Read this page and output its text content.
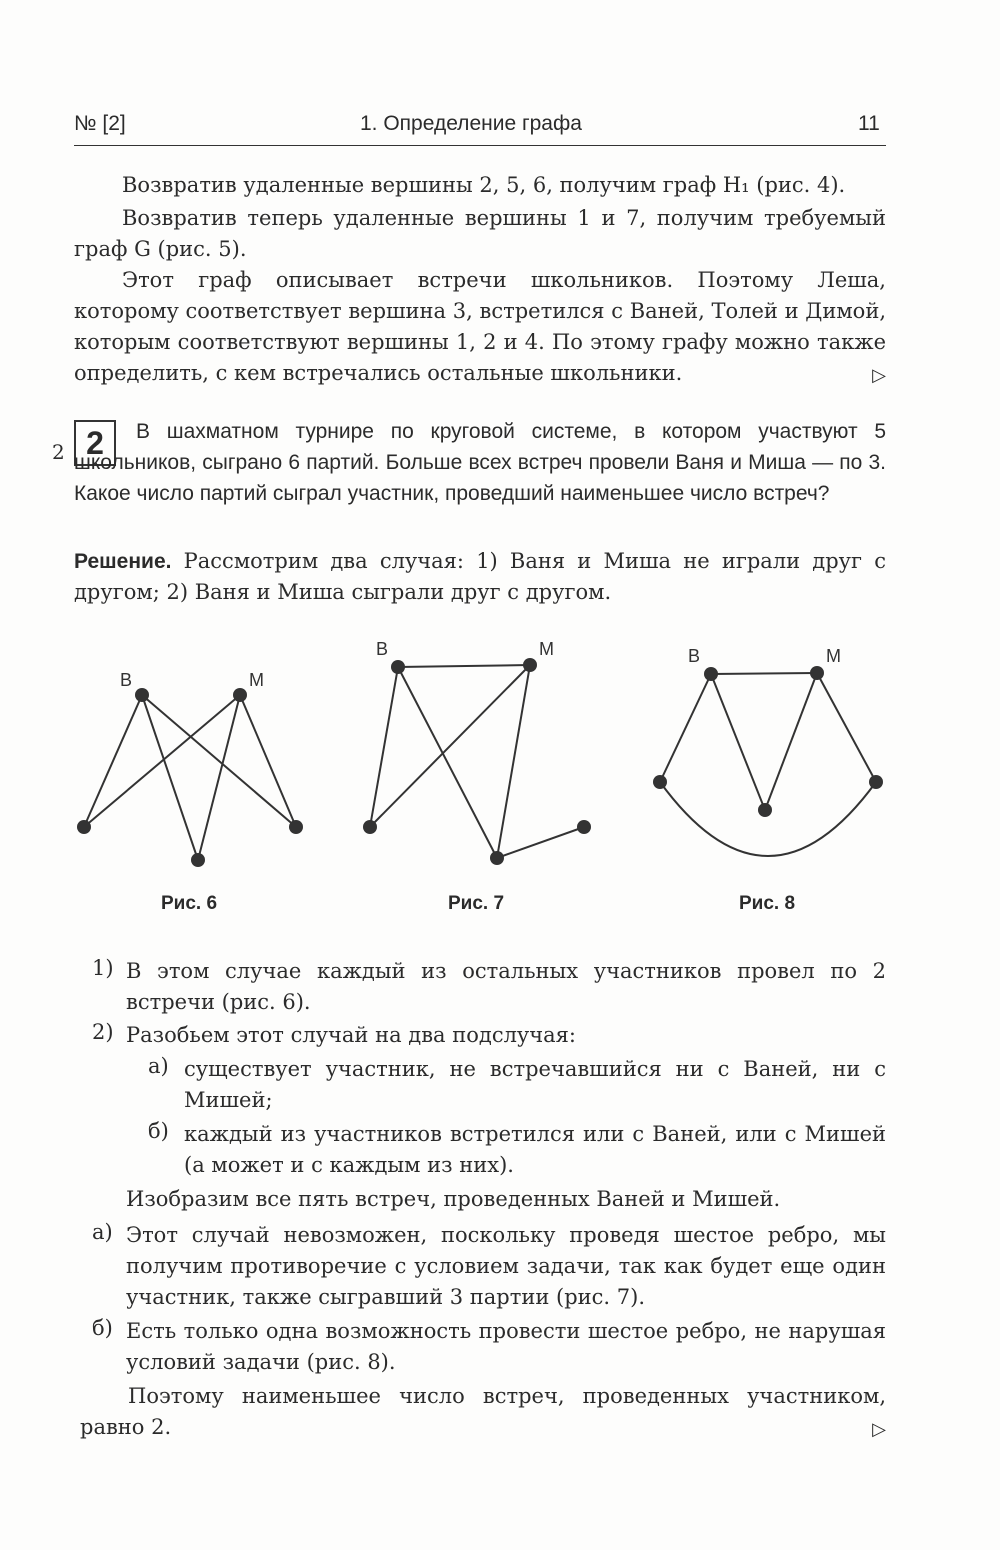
№ [2]	1. Определение графа	11

Возвратив удаленные вершины 2, 5, 6, получим граф H₁ (рис. 4).

Возвратив теперь удаленные вершины 1 и 7, получим требуемый граф G (рис. 5).

Этот граф описывает встречи школьников. Поэтому Леша, которому соответствует вершина 3, встретился с Ваней, Толей и Димой, которым соответствуют вершины 1, 2 и 4. По этому графу можно также определить, с кем встречались остальные школьники.	▷

2 2	В шахматном турнире по круговой системе, в котором участвуют 5 школьников, сыграно 6 партий. Больше всех встреч провели Ваня и Миша — по 3. Какое число партий сыграл участник, проведший наименьшее число встреч?

Решение. Рассмотрим два случая: 1) Ваня и Миша не играли друг с другом; 2) Ваня и Миша сыграли друг с другом.

В	М
В	М	В	М
Рис. 6	Рис. 7	Рис. 8
1) В этом случае каждый из остальных участников провел по 2 встречи (рис. 6).

2) Разобьем этот случай на два подслучая:

а) существует участник, не встречавшийся ни с Ваней, ни с Мишей;

б) каждый из участников встретился или с Ваней, или с Мишей (а может и с каждым из них).

Изобразим все пять встреч, проведенных Ваней и Мишей.

а) Этот случай невозможен, поскольку проведя шестое ребро, мы получим противоречие с условием задачи, так как будет еще один участник, также сыгравший 3 партии (рис. 7).

б) Есть только одна возможность провести шестое ребро, не нарушая условий задачи (рис. 8).

Поэтому наименьшее число встреч, проведенных участником, равно 2.	▷
